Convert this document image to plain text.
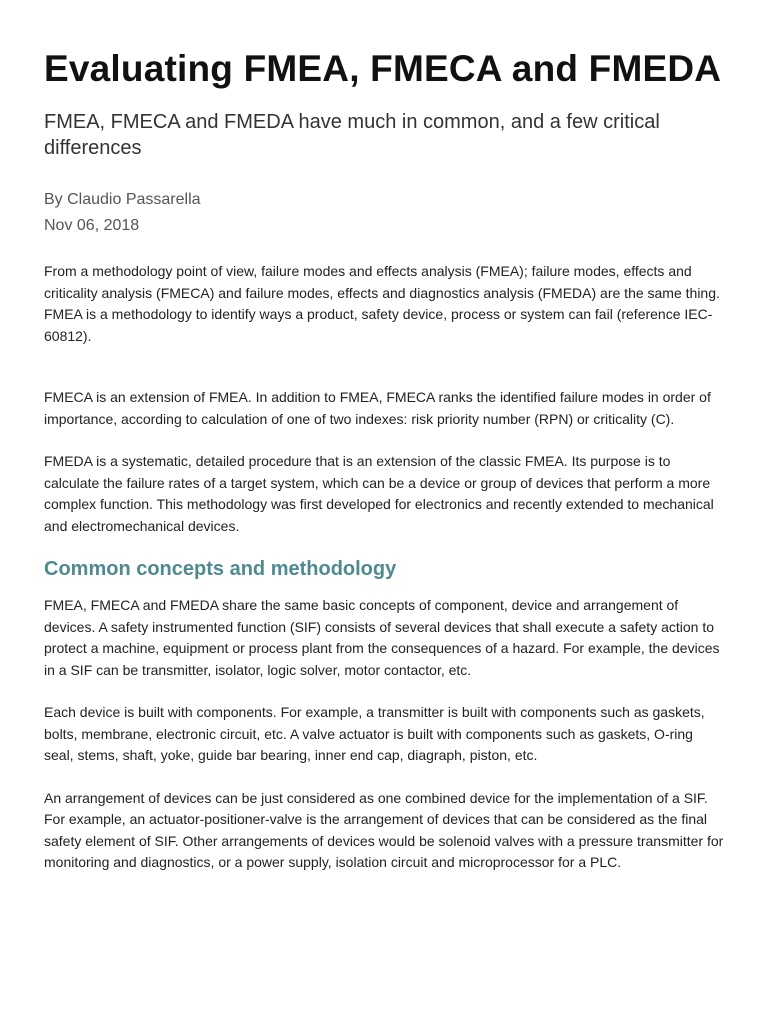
Evaluating FMEA, FMECA and FMEDA
FMEA, FMECA and FMEDA have much in common, and a few critical differences
By Claudio Passarella
Nov 06, 2018

From a methodology point of view, failure modes and effects analysis (FMEA); failure modes, effects and criticality analysis (FMECA) and failure modes, effects and diagnostics analysis (FMEDA) are the same thing. FMEA is a methodology to identify ways a product, safety device, process or system can fail (reference IEC-60812).

FMECA is an extension of FMEA. In addition to FMEA, FMECA ranks the identified failure modes in order of importance, according to calculation of one of two indexes: risk priority number (RPN) or criticality (C).

FMEDA is a systematic, detailed procedure that is an extension of the classic FMEA. Its purpose is to calculate the failure rates of a target system, which can be a device or group of devices that perform a more complex function. This methodology was first developed for electronics and recently extended to mechanical and electromechanical devices.

Common concepts and methodology

FMEA, FMECA and FMEDA share the same basic concepts of component, device and arrangement of devices. A safety instrumented function (SIF) consists of several devices that shall execute a safety action to protect a machine, equipment or process plant from the consequences of a hazard. For example, the devices in a SIF can be transmitter, isolator, logic solver, motor contactor, etc.

Each device is built with components. For example, a transmitter is built with components such as gaskets, bolts, membrane, electronic circuit, etc. A valve actuator is built with components such as gaskets, O-ring seal, stems, shaft, yoke, guide bar bearing, inner end cap, diagraph, piston, etc.

An arrangement of devices can be just considered as one combined device for the implementation of a SIF. For example, an actuator-positioner-valve is the arrangement of devices that can be considered as the final safety element of SIF. Other arrangements of devices would be solenoid valves with a pressure transmitter for monitoring and diagnostics, or a power supply, isolation circuit and microprocessor for a PLC.
